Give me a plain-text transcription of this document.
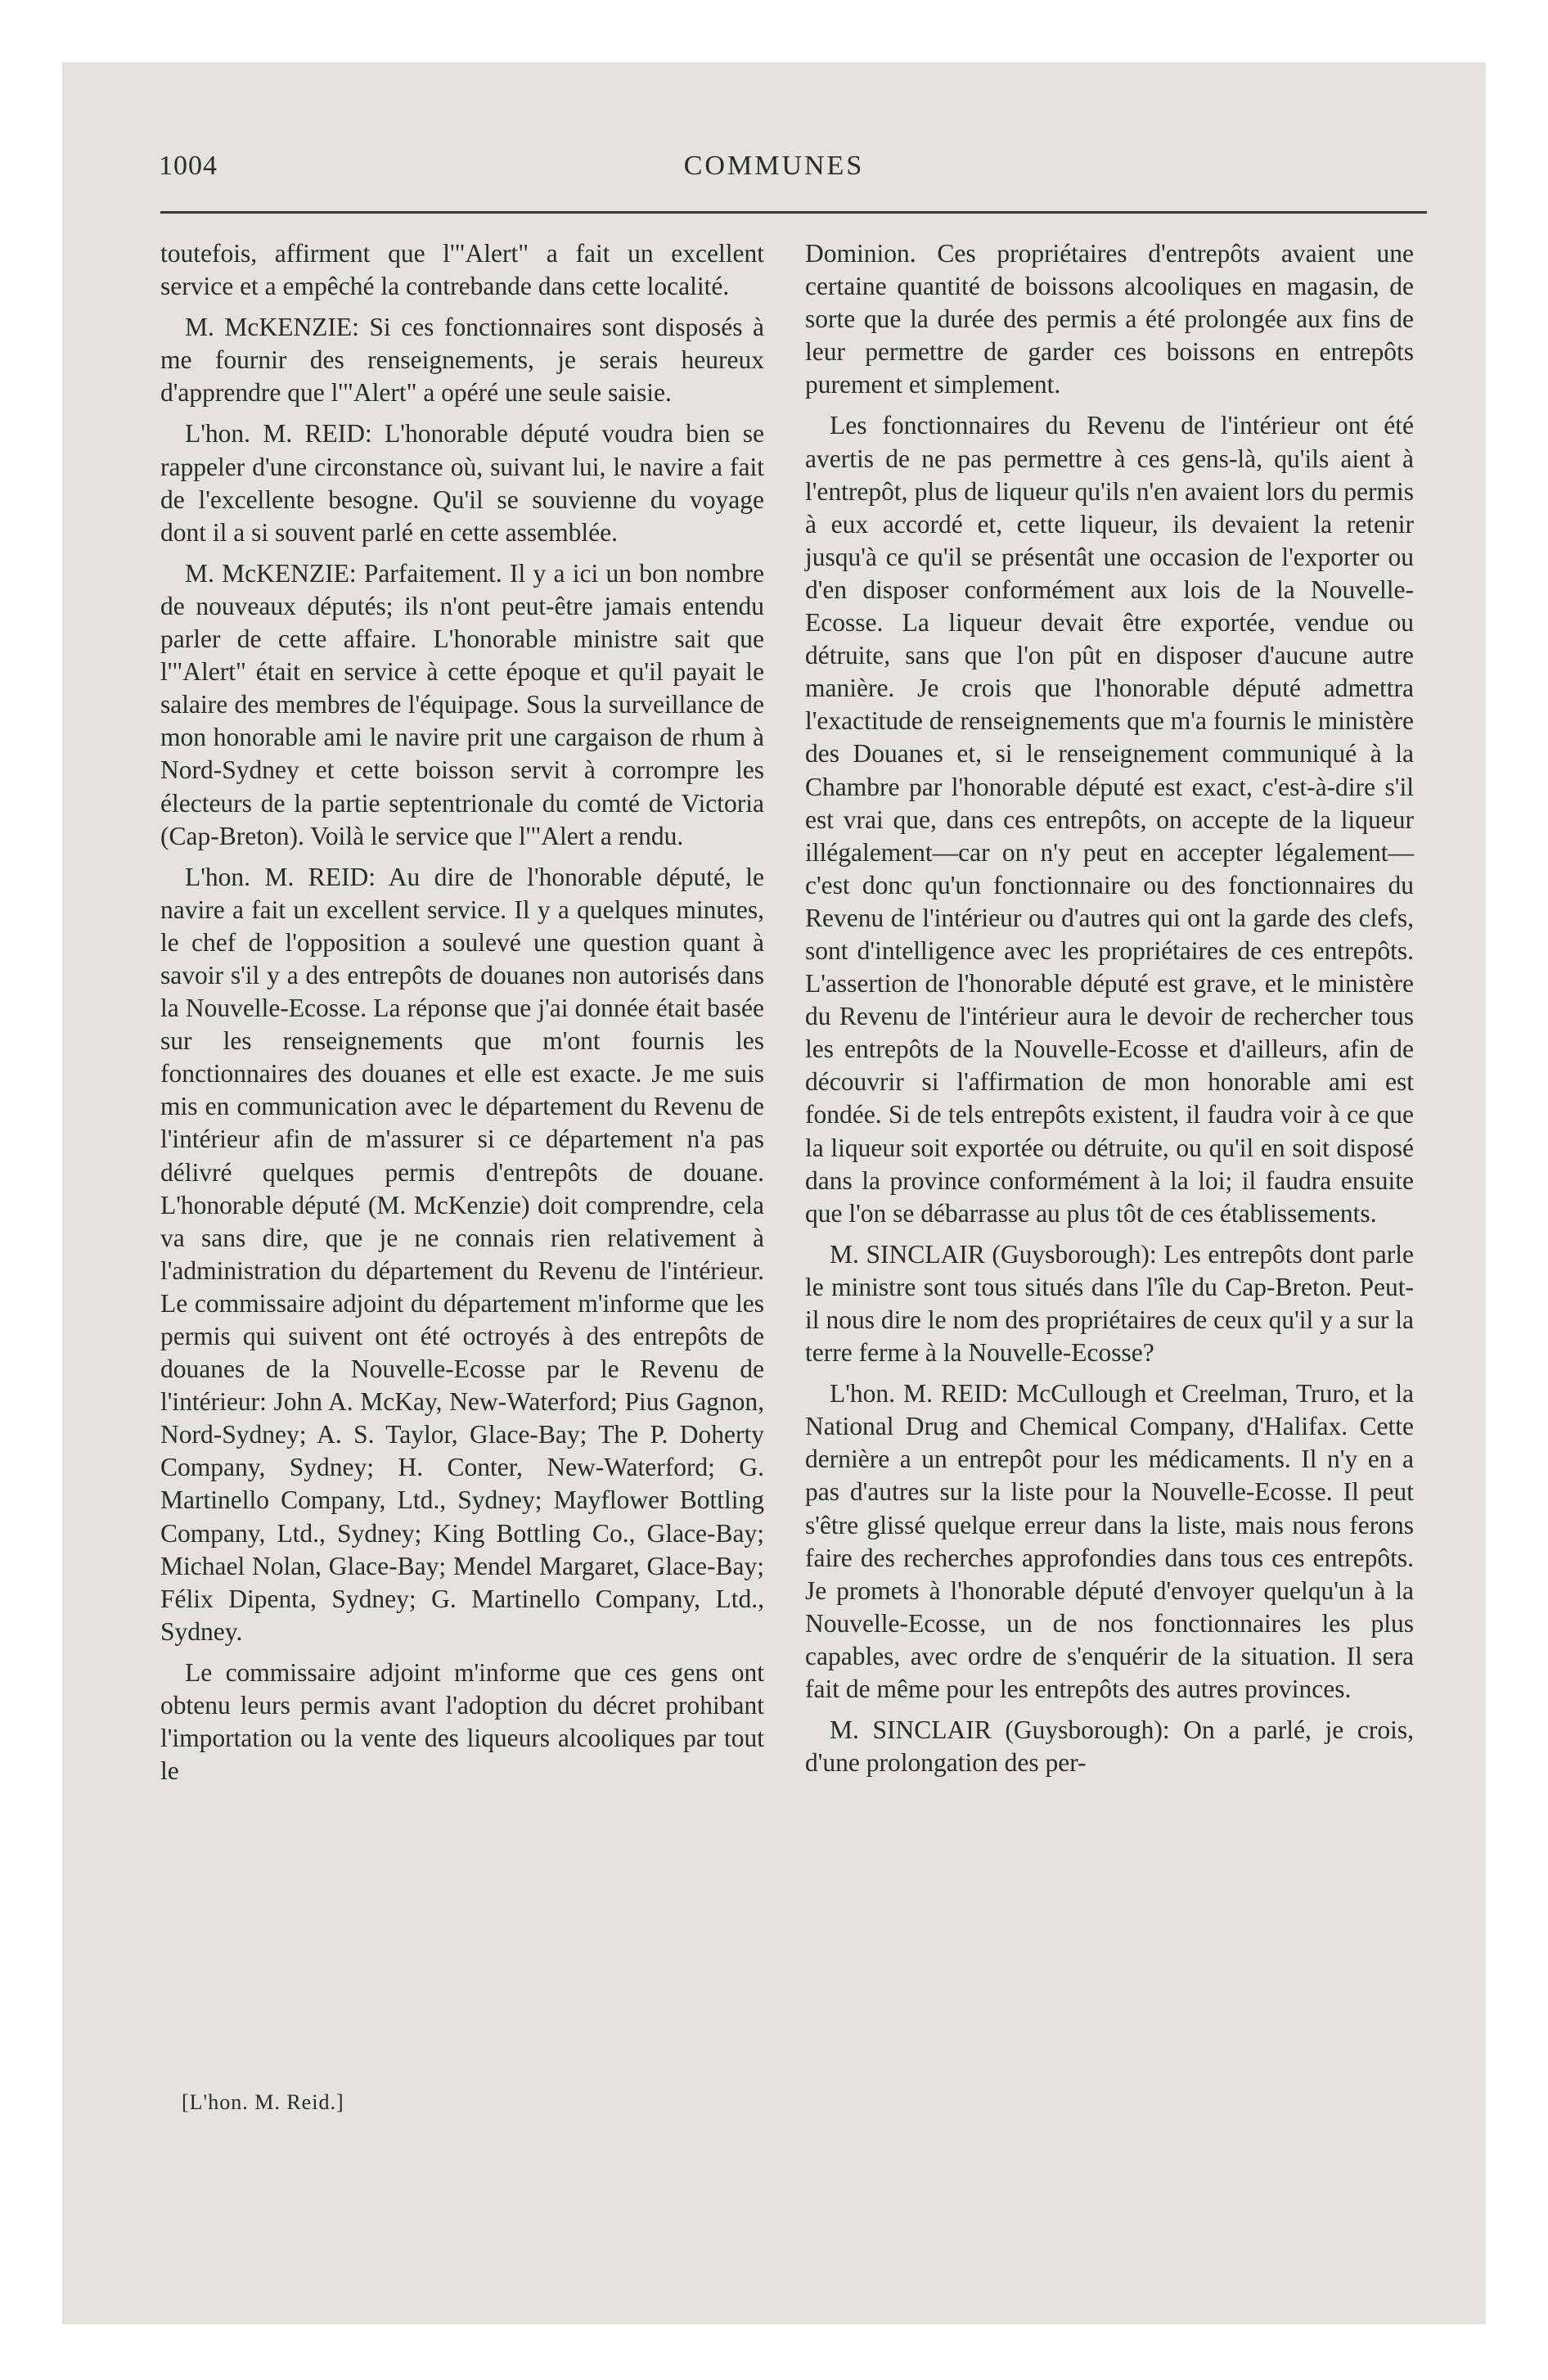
1004	COMMUNES

toutefois, affirment que l'"Alert" a fait un excellent service et a empêché la contrebande dans cette localité.

M. McKENZIE: Si ces fonctionnaires sont disposés à me fournir des renseignements, je serais heureux d'apprendre que l'"Alert" a opéré une seule saisie.

L'hon. M. REID: L'honorable député voudra bien se rappeler d'une circonstance où, suivant lui, le navire a fait de l'excellente besogne. Qu'il se souvienne du voyage dont il a si souvent parlé en cette assemblée.

M. McKENZIE: Parfaitement. Il y a ici un bon nombre de nouveaux députés; ils n'ont peut-être jamais entendu parler de cette affaire. L'honorable ministre sait que l'"Alert" était en service à cette époque et qu'il payait le salaire des membres de l'équipage. Sous la surveillance de mon honorable ami le navire prit une cargaison de rhum à Nord-Sydney et cette boisson servit à corrompre les électeurs de la partie septentrionale du comté de Victoria (Cap-Breton). Voilà le service que l'"Alert a rendu.

L'hon. M. REID: Au dire de l'honorable député, le navire a fait un excellent service. Il y a quelques minutes, le chef de l'opposition a soulevé une question quant à savoir s'il y a des entrepôts de douanes non autorisés dans la Nouvelle-Ecosse. La réponse que j'ai donnée était basée sur les renseignements que m'ont fournis les fonctionnaires des douanes et elle est exacte. Je me suis mis en communication avec le département du Revenu de l'intérieur afin de m'assurer si ce département n'a pas délivré quelques permis d'entrepôts de douane. L'honorable député (M. McKenzie) doit comprendre, cela va sans dire, que je ne connais rien relativement à l'administration du département du Revenu de l'intérieur. Le commissaire adjoint du département m'informe que les permis qui suivent ont été octroyés à des entrepôts de douanes de la Nouvelle-Ecosse par le Revenu de l'intérieur: John A. McKay, New-Waterford; Pius Gagnon, Nord-Sydney; A. S. Taylor, Glace-Bay; The P. Doherty Company, Sydney; H. Conter, New-Waterford; G. Martinello Company, Ltd., Sydney; Mayflower Bottling Company, Ltd., Sydney; King Bottling Co., Glace-Bay; Michael Nolan, Glace-Bay; Mendel Margaret, Glace-Bay; Félix Dipenta, Sydney; G. Martinello Company, Ltd., Sydney.

Le commissaire adjoint m'informe que ces gens ont obtenu leurs permis avant l'adoption du décret prohibant l'importation ou la vente des liqueurs alcooliques par tout le

Dominion. Ces propriétaires d'entrepôts avaient une certaine quantité de boissons alcooliques en magasin, de sorte que la durée des permis a été prolongée aux fins de leur permettre de garder ces boissons en entrepôts purement et simplement.

Les fonctionnaires du Revenu de l'intérieur ont été avertis de ne pas permettre à ces gens-là, qu'ils aient à l'entrepôt, plus de liqueur qu'ils n'en avaient lors du permis à eux accordé et, cette liqueur, ils devaient la retenir jusqu'à ce qu'il se présentât une occasion de l'exporter ou d'en disposer conformément aux lois de la Nouvelle-Ecosse. La liqueur devait être exportée, vendue ou détruite, sans que l'on pût en disposer d'aucune autre manière. Je crois que l'honorable député admettra l'exactitude de renseignements que m'a fournis le ministère des Douanes et, si le renseignement communiqué à la Chambre par l'honorable député est exact, c'est-à-dire s'il est vrai que, dans ces entrepôts, on accepte de la liqueur illégalement—car on n'y peut en accepter légalement—c'est donc qu'un fonctionnaire ou des fonctionnaires du Revenu de l'intérieur ou d'autres qui ont la garde des clefs, sont d'intelligence avec les propriétaires de ces entrepôts. L'assertion de l'honorable député est grave, et le ministère du Revenu de l'intérieur aura le devoir de rechercher tous les entrepôts de la Nouvelle-Ecosse et d'ailleurs, afin de découvrir si l'affirmation de mon honorable ami est fondée. Si de tels entrepôts existent, il faudra voir à ce que la liqueur soit exportée ou détruite, ou qu'il en soit disposé dans la province conformément à la loi; il faudra ensuite que l'on se débarrasse au plus tôt de ces établissements.

M. SINCLAIR (Guysborough): Les entrepôts dont parle le ministre sont tous situés dans l'île du Cap-Breton. Peut-il nous dire le nom des propriétaires de ceux qu'il y a sur la terre ferme à la Nouvelle-Ecosse?

L'hon. M. REID: McCullough et Creelman, Truro, et la National Drug and Chemical Company, d'Halifax. Cette dernière a un entrepôt pour les médicaments. Il n'y en a pas d'autres sur la liste pour la Nouvelle-Ecosse. Il peut s'être glissé quelque erreur dans la liste, mais nous ferons faire des recherches approfondies dans tous ces entrepôts. Je promets à l'honorable député d'envoyer quelqu'un à la Nouvelle-Ecosse, un de nos fonctionnaires les plus capables, avec ordre de s'enquérir de la situation. Il sera fait de même pour les entrepôts des autres provinces.

M. SINCLAIR (Guysborough): On a parlé, je crois, d'une prolongation des per-

[L'hon. M. Reid.]
